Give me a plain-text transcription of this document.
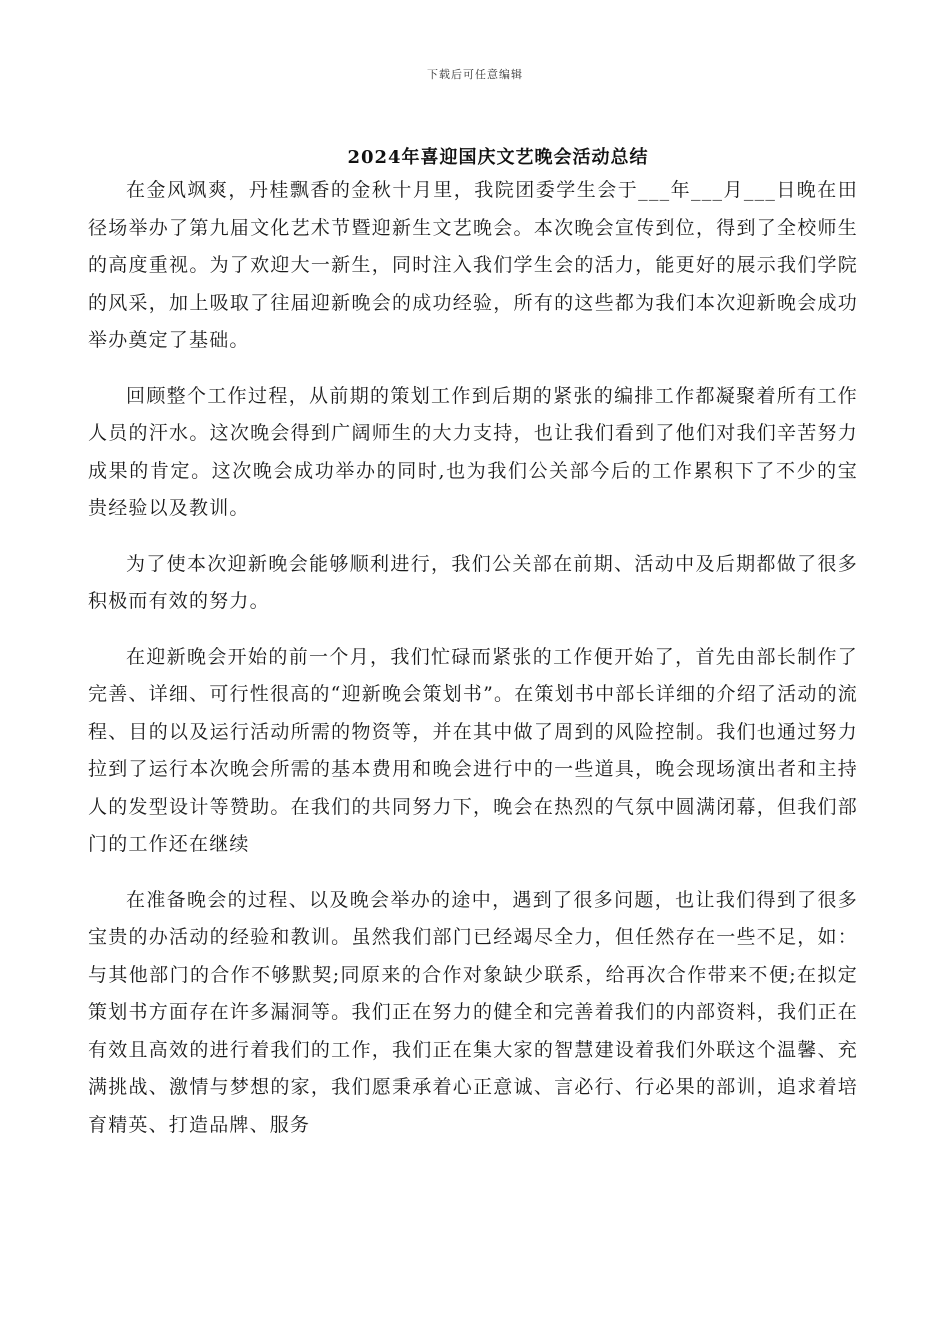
下载后可任意编辑
2024年喜迎国庆文艺晚会活动总结

在金风飒爽，丹桂飘香的金秋十月里，我院团委学生会于___年___月___日晚在田径场举办了第九届文化艺术节暨迎新生文艺晚会。本次晚会宣传到位，得到了全校师生的高度重视。为了欢迎大一新生，同时注入我们学生会的活力，能更好的展示我们学院的风采，加上吸取了往届迎新晚会的成功经验，所有的这些都为我们本次迎新晚会成功举办奠定了基础。

回顾整个工作过程，从前期的策划工作到后期的紧张的编排工作都凝聚着所有工作人员的汗水。这次晚会得到广阔师生的大力支持，也让我们看到了他们对我们辛苦努力成果的肯定。这次晚会成功举办的同时,也为我们公关部今后的工作累积下了不少的宝贵经验以及教训。

为了使本次迎新晚会能够顺利进行，我们公关部在前期、活动中及后期都做了很多积极而有效的努力。

在迎新晚会开始的前一个月，我们忙碌而紧张的工作便开始了，首先由部长制作了完善、详细、可行性很高的“迎新晚会策划书”。在策划书中部长详细的介绍了活动的流程、目的以及运行活动所需的物资等，并在其中做了周到的风险控制。我们也通过努力拉到了运行本次晚会所需的基本费用和晚会进行中的一些道具，晚会现场演出者和主持人的发型设计等赞助。在我们的共同努力下，晚会在热烈的气氛中圆满闭幕，但我们部门的工作还在继续

在准备晚会的过程、以及晚会举办的途中，遇到了很多问题，也让我们得到了很多宝贵的办活动的经验和教训。虽然我们部门已经竭尽全力，但任然存在一些不足，如：与其他部门的合作不够默契;同原来的合作对象缺少联系，给再次合作带来不便;在拟定策划书方面存在许多漏洞等。我们正在努力的健全和完善着我们的内部资料，我们正在有效且高效的进行着我们的工作，我们正在集大家的智慧建设着我们外联这个温馨、充满挑战、激情与梦想的家，我们愿秉承着心正意诚、言必行、行必果的部训，追求着培育精英、打造品牌、服务
